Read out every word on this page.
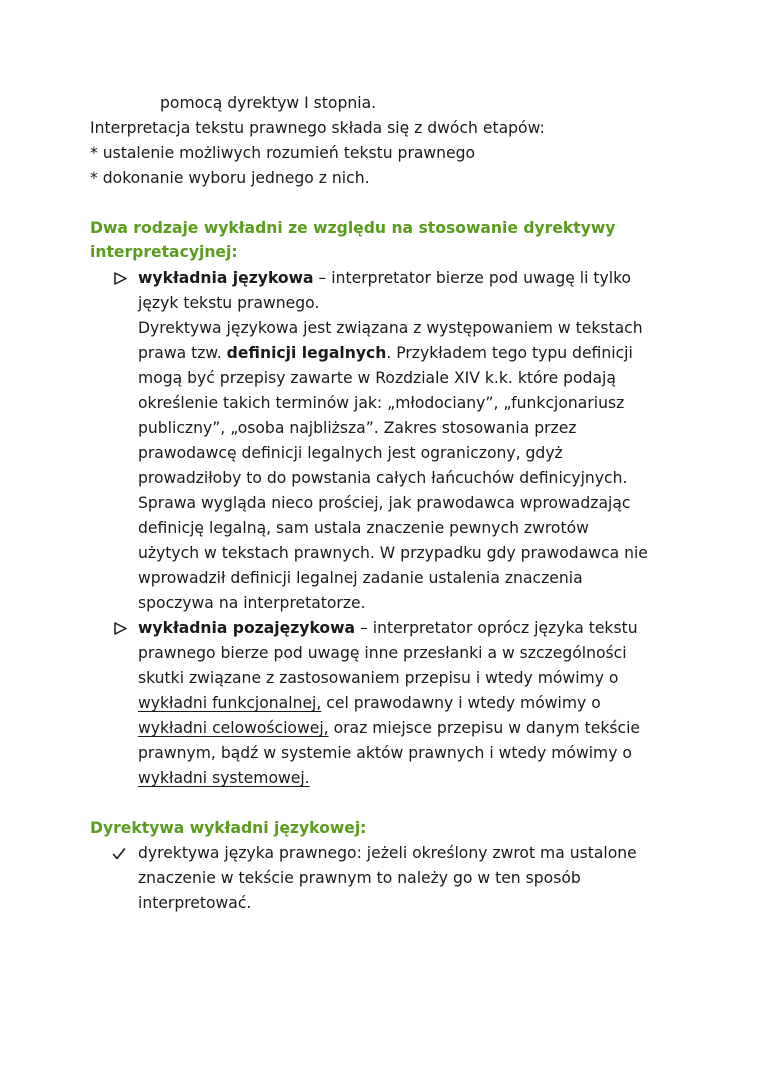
pomocą dyrektyw I stopnia.
Interpretacja tekstu prawnego składa się z dwóch etapów:
* ustalenie możliwych rozumień tekstu prawnego
* dokonanie wyboru jednego z nich.
Dwa rodzaje wykładni ze względu na stosowanie dyrektywy
interpretacyjnej:
wykładnia językowa – interpretator bierze pod uwagę li tylko
język tekstu prawnego.
Dyrektywa językowa jest związana z występowaniem w tekstach
prawa tzw. definicji legalnych. Przykładem tego typu definicji
mogą być przepisy zawarte w Rozdziale XIV k.k. które podają
określenie takich terminów jak: „młodociany”, „funkcjonariusz
publiczny”, „osoba najbliższa”. Zakres stosowania przez
prawodawcę definicji legalnych jest ograniczony, gdyż
prowadziłoby to do powstania całych łańcuchów definicyjnych.
Sprawa wygląda nieco prościej, jak prawodawca wprowadzając
definicję legalną, sam ustala znaczenie pewnych zwrotów
użytych w tekstach prawnych. W przypadku gdy prawodawca nie
wprowadził definicji legalnej zadanie ustalenia znaczenia
spoczywa na interpretatorze.
wykładnia pozajęzykowa – interpretator oprócz języka tekstu
prawnego bierze pod uwagę inne przesłanki a w szczególności
skutki związane z zastosowaniem przepisu i wtedy mówimy o
wykładni funkcjonalnej, cel prawodawny i wtedy mówimy o
wykładni celowościowej, oraz miejsce przepisu w danym tekście
prawnym, bądź w systemie aktów prawnych i wtedy mówimy o
wykładni systemowej.
Dyrektywa wykładni językowej:
dyrektywa języka prawnego: jeżeli określony zwrot ma ustalone
znaczenie w tekście prawnym to należy go w ten sposób
interpretować.
